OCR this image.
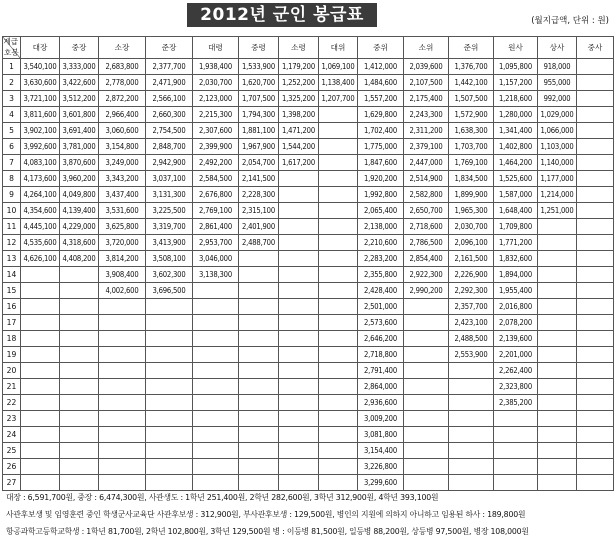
2012년 군인 봉급표	(월지급액, 단위 : 원)
계급
호봉	대장	중장	소장	준장	대령	중령	소령	대위	중위	소위	준위	원사	상사	중사	
1	3,540,100	3,333,000	2,683,800	2,377,700	1,938,400	1,533,900	1,179,200	1,069,100	1,412,000	2,039,600	1,376,700	1,095,800	918,000		
2	3,630,600	3,422,600	2,778,000	2,471,900	2,030,700	1,620,700	1,252,200	1,138,400	1,484,600	2,107,500	1,442,100	1,157,200	955,000		
3	3,721,100	3,512,200	2,872,200	2,566,100	2,123,000	1,707,500	1,325,200	1,207,700	1,557,200	2,175,400	1,507,500	1,218,600	992,000		
4	3,811,600	3,601,800	2,966,400	2,660,300	2,215,300	1,794,300	1,398,200		1,629,800	2,243,300	1,572,900	1,280,000	1,029,000		
5	3,902,100	3,691,400	3,060,600	2,754,500	2,307,600	1,881,100	1,471,200		1,702,400	2,311,200	1,638,300	1,341,400	1,066,000		
6	3,992,600	3,781,000	3,154,800	2,848,700	2,399,900	1,967,900	1,544,200		1,775,000	2,379,100	1,703,700	1,402,800	1,103,000		
7	4,083,100	3,870,600	3,249,000	2,942,900	2,492,200	2,054,700	1,617,200		1,847,600	2,447,000	1,769,100	1,464,200	1,140,000		
8	4,173,600	3,960,200	3,343,200	3,037,100	2,584,500	2,141,500			1,920,200	2,514,900	1,834,500	1,525,600	1,177,000		
9	4,264,100	4,049,800	3,437,400	3,131,300	2,676,800	2,228,300			1,992,800	2,582,800	1,899,900	1,587,000	1,214,000		
10	4,354,600	4,139,400	3,531,600	3,225,500	2,769,100	2,315,100			2,065,400	2,650,700	1,965,300	1,648,400	1,251,000		
11	4,445,100	4,229,000	3,625,800	3,319,700	2,861,400	2,401,900			2,138,000	2,718,600	2,030,700	1,709,800			
12	4,535,600	4,318,600	3,720,000	3,413,900	2,953,700	2,488,700			2,210,600	2,786,500	2,096,100	1,771,200			
13	4,626,100	4,408,200	3,814,200	3,508,100	3,046,000				2,283,200	2,854,400	2,161,500	1,832,600			
14			3,908,400	3,602,300	3,138,300				2,355,800	2,922,300	2,226,900	1,894,000			
15			4,002,600	3,696,500					2,428,400	2,990,200	2,292,300	1,955,400			
16									2,501,000		2,357,700	2,016,800			
17									2,573,600		2,423,100	2,078,200			
18									2,646,200		2,488,500	2,139,600			
19									2,718,800		2,553,900	2,201,000			
20									2,791,400			2,262,400			
21									2,864,000			2,323,800			
22									2,936,600			2,385,200			
23									3,009,200						
24									3,081,800						
25									3,154,400						
26									3,226,800						
27									3,299,600						
대장 : 6,591,700원, 중장 : 6,474,300원, 사관생도 : 1학년 251,400원, 2학년 282,600원, 3학년 312,900원, 4학년 393,100원
사관후보생 및 임영훈련 중인 학생군사교육단 사관후보생 : 312,900원, 부사관후보생 : 129,500원, 병인의 지원에 의하지 아니하고 임용된 하사 : 189,800원
항공과학고등학교학생 : 1학년 81,700원, 2학년 102,800원, 3학년 129,500원 병 : 이등병 81,500원, 일등병 88,200원, 상등병 97,500원, 병장 108,000원
